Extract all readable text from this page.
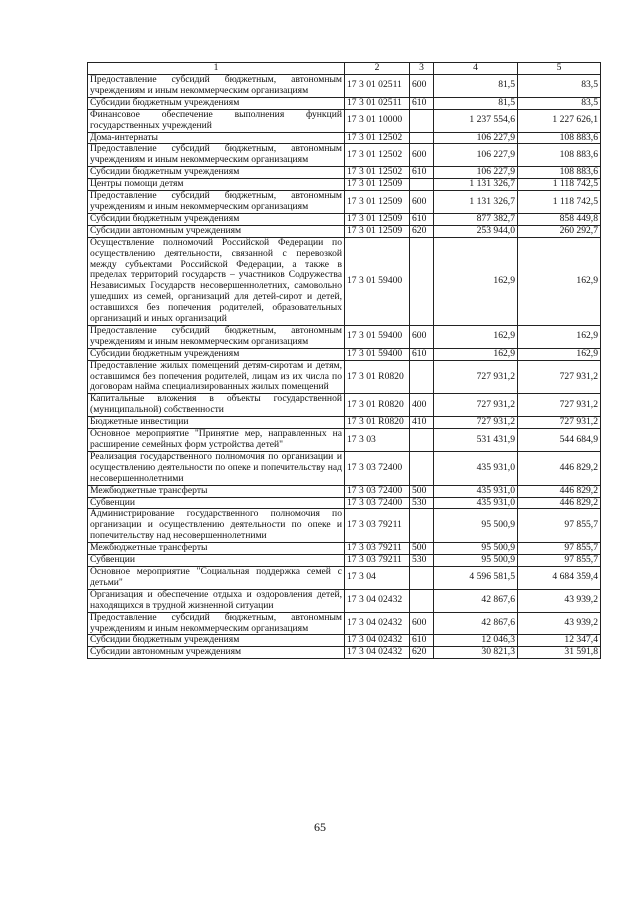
1	2	3	4	5
Предоставление субсидий бюджетным, автономным учреждениям и иным некоммерческим организациям	17 3 01 02511	600	81,5	83,5
Субсидии бюджетным учреждениям	17 3 01 02511	610	81,5	83,5
Финансовое обеспечение выполнения функций государственных учреждений	17 3 01 10000		1 237 554,6	1 227 626,1
Дома-интернаты	17 3 01 12502		106 227,9	108 883,6
Предоставление субсидий бюджетным, автономным учреждениям и иным некоммерческим организациям	17 3 01 12502	600	106 227,9	108 883,6
Субсидии бюджетным учреждениям	17 3 01 12502	610	106 227,9	108 883,6
Центры помощи детям	17 3 01 12509		1 131 326,7	1 118 742,5
Предоставление субсидий бюджетным, автономным учреждениям и иным некоммерческим организациям	17 3 01 12509	600	1 131 326,7	1 118 742,5
Субсидии бюджетным учреждениям	17 3 01 12509	610	877 382,7	858 449,8
Субсидии автономным учреждениям	17 3 01 12509	620	253 944,0	260 292,7
Осуществление полномочий Российской Федерации по осуществлению деятельности, связанной с перевозкой между субъектами Российской Федерации, а также в пределах территорий государств – участников Содружества Независимых Государств несовершеннолетних, самовольно ушедших из семей, организаций для детей-сирот и детей, оставшихся без попечения родителей, образовательных организаций и иных организаций	17 3 01 59400		162,9	162,9
Предоставление субсидий бюджетным, автономным учреждениям и иным некоммерческим организациям	17 3 01 59400	600	162,9	162,9
Субсидии бюджетным учреждениям	17 3 01 59400	610	162,9	162,9
Предоставление жилых помещений детям-сиротам и детям, оставшимся без попечения родителей, лицам из их числа по договорам найма специализированных жилых помещений	17 3 01 R0820		727 931,2	727 931,2
Капитальные вложения в объекты государственной (муниципальной) собственности	17 3 01 R0820	400	727 931,2	727 931,2
Бюджетные инвестиции	17 3 01 R0820	410	727 931,2	727 931,2
Основное мероприятие "Принятие мер, направленных на расширение семейных форм устройства детей"	17 3 03		531 431,9	544 684,9
Реализация государственного полномочия по организации и осуществлению деятельности по опеке и попечительству над несовершеннолетними	17 3 03 72400		435 931,0	446 829,2
Межбюджетные трансферты	17 3 03 72400	500	435 931,0	446 829,2
Субвенции	17 3 03 72400	530	435 931,0	446 829,2
Администрирование государственного полномочия по организации и осуществлению деятельности по опеке и попечительству над несовершеннолетними	17 3 03 79211		95 500,9	97 855,7
Межбюджетные трансферты	17 3 03 79211	500	95 500,9	97 855,7
Субвенции	17 3 03 79211	530	95 500,9	97 855,7
Основное мероприятие "Социальная поддержка семей с детьми"	17 3 04		4 596 581,5	4 684 359,4
Организация и обеспечение отдыха и оздоровления детей, находящихся в трудной жизненной ситуации	17 3 04 02432		42 867,6	43 939,2
Предоставление субсидий бюджетным, автономным учреждениям и иным некоммерческим организациям	17 3 04 02432	600	42 867,6	43 939,2
Субсидии бюджетным учреждениям	17 3 04 02432	610	12 046,3	12 347,4
Субсидии автономным учреждениям	17 3 04 02432	620	30 821,3	31 591,8
65
